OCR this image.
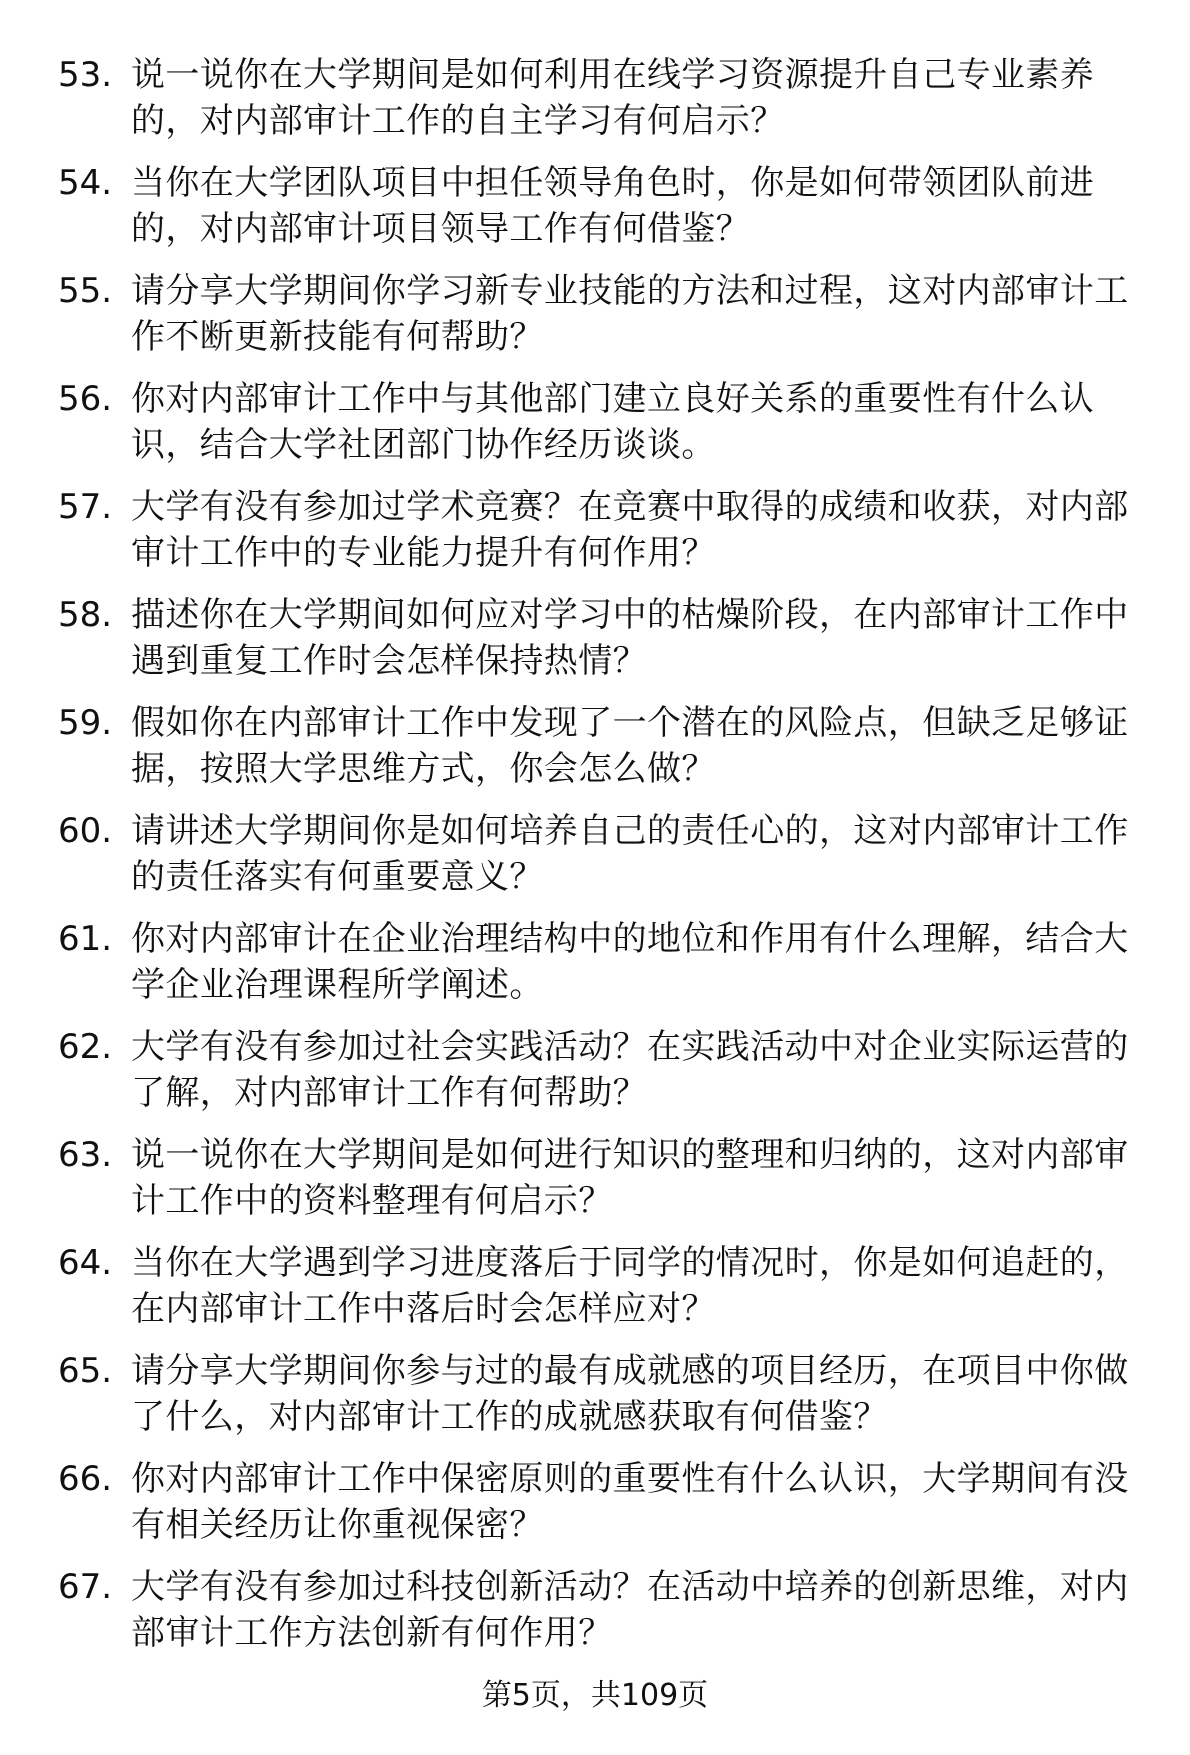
53. 说一说你在大学期间是如何利用在线学习资源提升自己专业素养的，对内部审计工作的自主学习有何启示？
54. 当你在大学团队项目中担任领导角色时，你是如何带领团队前进的，对内部审计项目领导工作有何借鉴？
55. 请分享大学期间你学习新专业技能的方法和过程，这对内部审计工作不断更新技能有何帮助？
56. 你对内部审计工作中与其他部门建立良好关系的重要性有什么认识，结合大学社团部门协作经历谈谈。
57. 大学有没有参加过学术竞赛？在竞赛中取得的成绩和收获，对内部审计工作中的专业能力提升有何作用？
58. 描述你在大学期间如何应对学习中的枯燥阶段，在内部审计工作中遇到重复工作时会怎样保持热情？
59. 假如你在内部审计工作中发现了一个潜在的风险点，但缺乏足够证据，按照大学思维方式，你会怎么做？
60. 请讲述大学期间你是如何培养自己的责任心的，这对内部审计工作的责任落实有何重要意义？
61. 你对内部审计在企业治理结构中的地位和作用有什么理解，结合大学企业治理课程所学阐述。
62. 大学有没有参加过社会实践活动？在实践活动中对企业实际运营的了解，对内部审计工作有何帮助？
63. 说一说你在大学期间是如何进行知识的整理和归纳的，这对内部审计工作中的资料整理有何启示？
64. 当你在大学遇到学习进度落后于同学的情况时，你是如何追赶的，在内部审计工作中落后时会怎样应对？
65. 请分享大学期间你参与过的最有成就感的项目经历，在项目中你做了什么，对内部审计工作的成就感获取有何借鉴？
66. 你对内部审计工作中保密原则的重要性有什么认识，大学期间有没有相关经历让你重视保密？
67. 大学有没有参加过科技创新活动？在活动中培养的创新思维，对内部审计工作方法创新有何作用？
第5页，共109页
